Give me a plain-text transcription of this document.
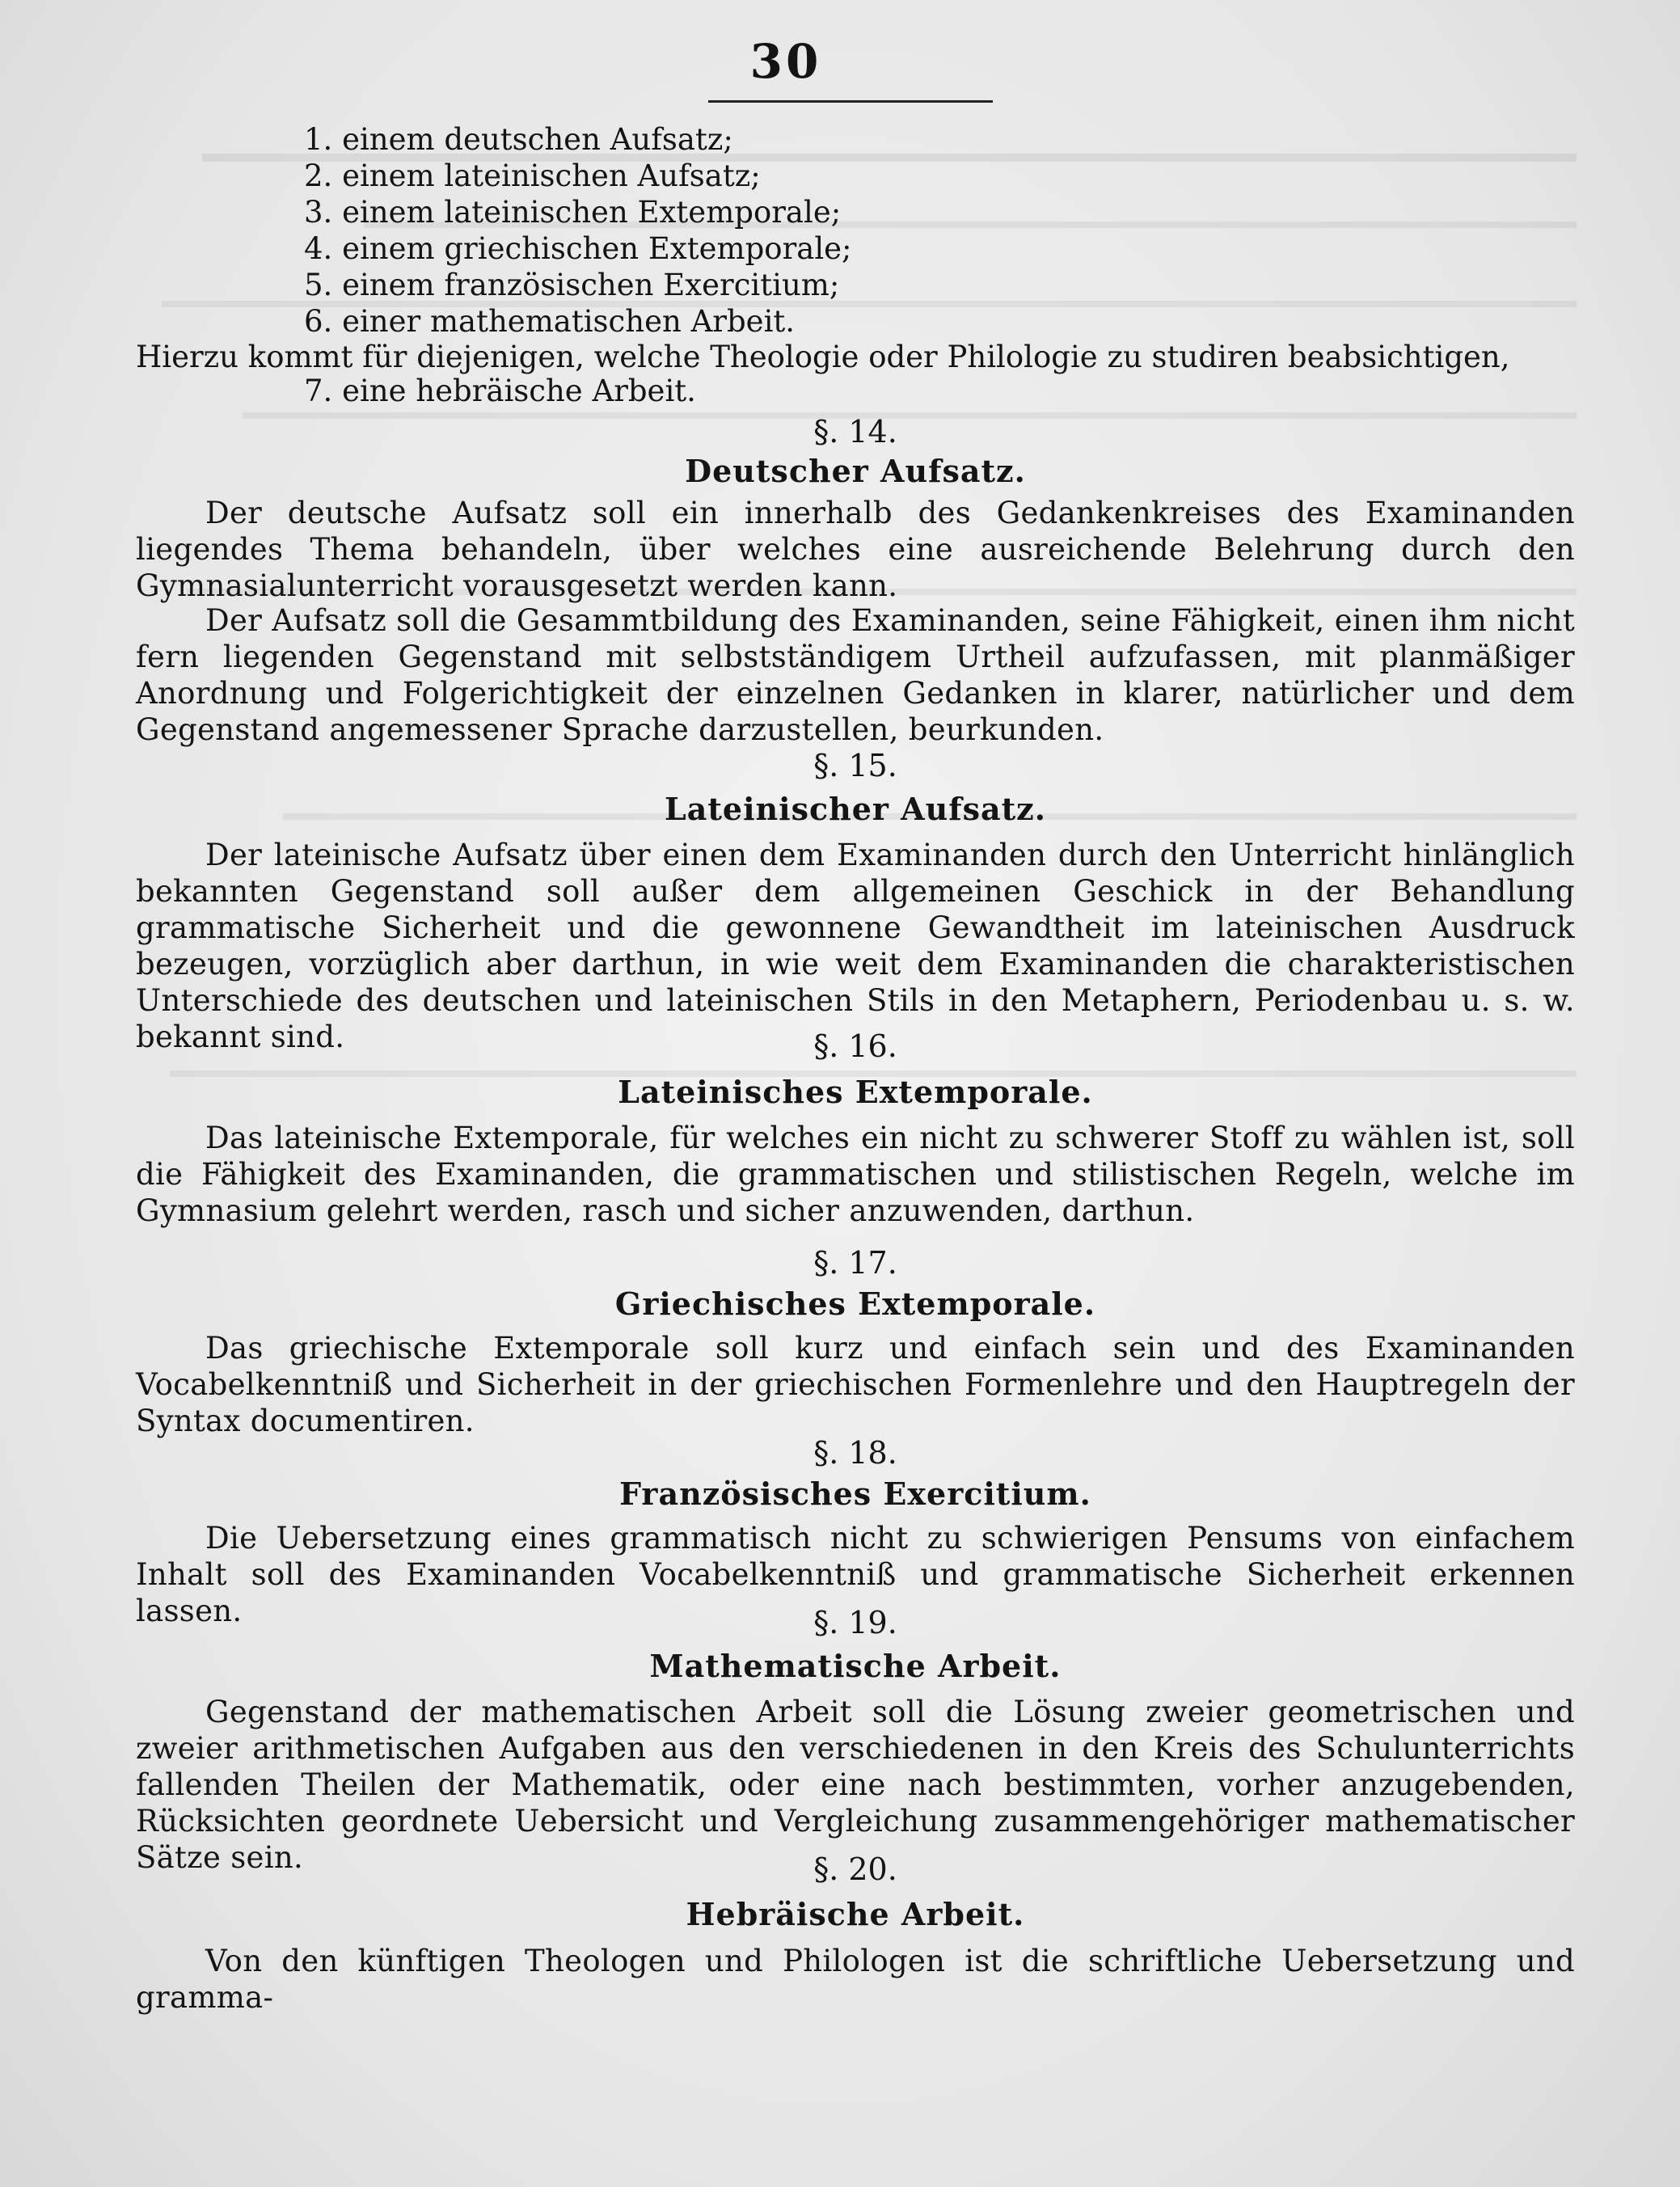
30
1. einem deutschen Aufsatz;
2. einem lateinischen Aufsatz;
3. einem lateinischen Extemporale;
4. einem griechischen Extemporale;
5. einem französischen Exercitium;
6. einer mathematischen Arbeit.
Hierzu kommt für diejenigen, welche Theologie oder Philologie zu studiren beabsichtigen,
7. eine hebräische Arbeit.
§. 14.
Deutscher Aufsatz.
Der deutsche Aufsatz soll ein innerhalb des Gedankenkreises des Examinanden liegendes Thema behandeln, über welches eine ausreichende Belehrung durch den Gymnasialunterricht vorausgesetzt werden kann.
Der Aufsatz soll die Gesammtbildung des Examinanden, seine Fähigkeit, einen ihm nicht fern liegenden Gegenstand mit selbstständigem Urtheil aufzufassen, mit planmäßiger Anordnung und Folgerichtigkeit der einzelnen Gedanken in klarer, natürlicher und dem Gegenstand angemessener Sprache darzustellen, beurkunden.
§. 15.
Lateinischer Aufsatz.
Der lateinische Aufsatz über einen dem Examinanden durch den Unterricht hinlänglich bekannten Gegenstand soll außer dem allgemeinen Geschick in der Behandlung grammatische Sicherheit und die gewonnene Gewandtheit im lateinischen Ausdruck bezeugen, vorzüglich aber darthun, in wie weit dem Examinanden die charakteristischen Unterschiede des deutschen und lateinischen Stils in den Metaphern, Periodenbau u. s. w. bekannt sind.	§. 16.
Lateinisches Extemporale.
Das lateinische Extemporale, für welches ein nicht zu schwerer Stoff zu wählen ist, soll die Fähigkeit des Examinanden, die grammatischen und stilistischen Regeln, welche im Gymnasium gelehrt werden, rasch und sicher anzuwenden, darthun.
§. 17.
Griechisches Extemporale.
Das griechische Extemporale soll kurz und einfach sein und des Examinanden Vocabelkenntniß und Sicherheit in der griechischen Formenlehre und den Hauptregeln der Syntax documentiren.
§. 18.
Französisches Exercitium.
Die Uebersetzung eines grammatisch nicht zu schwierigen Pensums von einfachem Inhalt soll des Examinanden Vocabelkenntniß und grammatische Sicherheit erkennen lassen.	§. 19.
Mathematische Arbeit.
Gegenstand der mathematischen Arbeit soll die Lösung zweier geometrischen und zweier arithmetischen Aufgaben aus den verschiedenen in den Kreis des Schulunterrichts fallenden Theilen der Mathematik, oder eine nach bestimmten, vorher anzugebenden, Rücksichten geordnete Uebersicht und Vergleichung zusammengehöriger mathematischer Sätze sein.	§. 20.
Hebräische Arbeit.
Von den künftigen Theologen und Philologen ist die schriftliche Uebersetzung und gramma-
